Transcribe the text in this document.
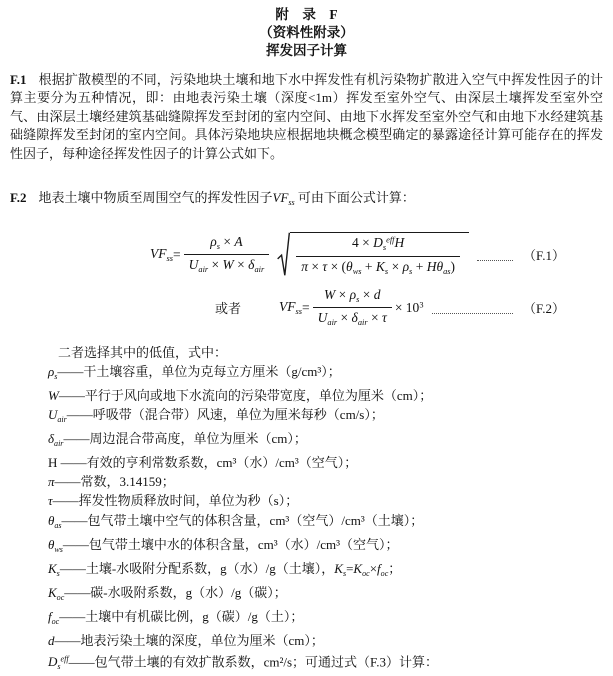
附　录　F
（资料性附录）
挥发因子计算

F.1 根据扩散模型的不同，污染地块土壤和地下水中挥发性有机污染物扩散进入空气中挥发性因子的计算主要分为五种情况，即：由地表污染土壤（深度<1m）挥发至室外空气、由深层土壤挥发至室外空气、由深层土壤经建筑基础缝隙挥发至封闭的室内空间、由地下水挥发至室外空气和由地下水经建筑基础缝隙挥发至封闭的室内空间。具体污染地块应根据地块概念模型确定的暴露途径计算可能存在的挥发性因子，每种途径挥发性因子的计算公式如下。

F.2 地表土壤中物质至周围空气的挥发性因子$VF_{ss}$ 可由下面公式计算：

$VF_{ss} = \frac{\rho_s \times A}{U_{air} \times W \times \delta_{air}} \frac{4 \times D_s^{eff}H}{\pi \times \tau \times (\theta_{ws} + K_s \times \rho_s + H\theta_{as})}$	（F.1）
或者	$VF_{ss} = \frac{W \times \rho_s \times d}{U_{air} \times \delta_{air} \times \tau} \times 10^3$	（F.2）
二者选择其中的低值，式中：
$\rho_s——$干土壤容重，单位为克每立方厘米（g/cm³）；
W——平行于风向或地下水流向的污染带宽度，单位为厘米（cm）；
$U_{air}——$呼吸带（混合带）风速，单位为厘米每秒（cm/s）；
$\delta_{air}——$周边混合带高度，单位为厘米（cm）；
H ——有效的亨利常数系数，cm³（水）/cm³（空气）；
π——常数，3.14159；
τ——挥发性物质释放时间，单位为秒（s）；
$\theta_{as}——$包气带土壤中空气的体积含量，cm³（空气）/cm³（土壤）；
$\theta_{ws}——$包气带土壤中水的体积含量，cm³（水）/cm³（空气）；
$K_s——$土壤-水吸附分配系数，g（水）/g（土壤），$K_s=K_{oc}\times f_{oc}$；
$K_{oc}——$碳-水吸附系数，g（水）/g（碳）；
$f_{oc}——$土壤中有机碳比例，g（碳）/g（土）；
d——地表污染土壤的深度，单位为厘米（cm）；
$D_s^{eff}——$包气带土壤的有效扩散系数，cm²/s；可通过式（F.3）计算：
